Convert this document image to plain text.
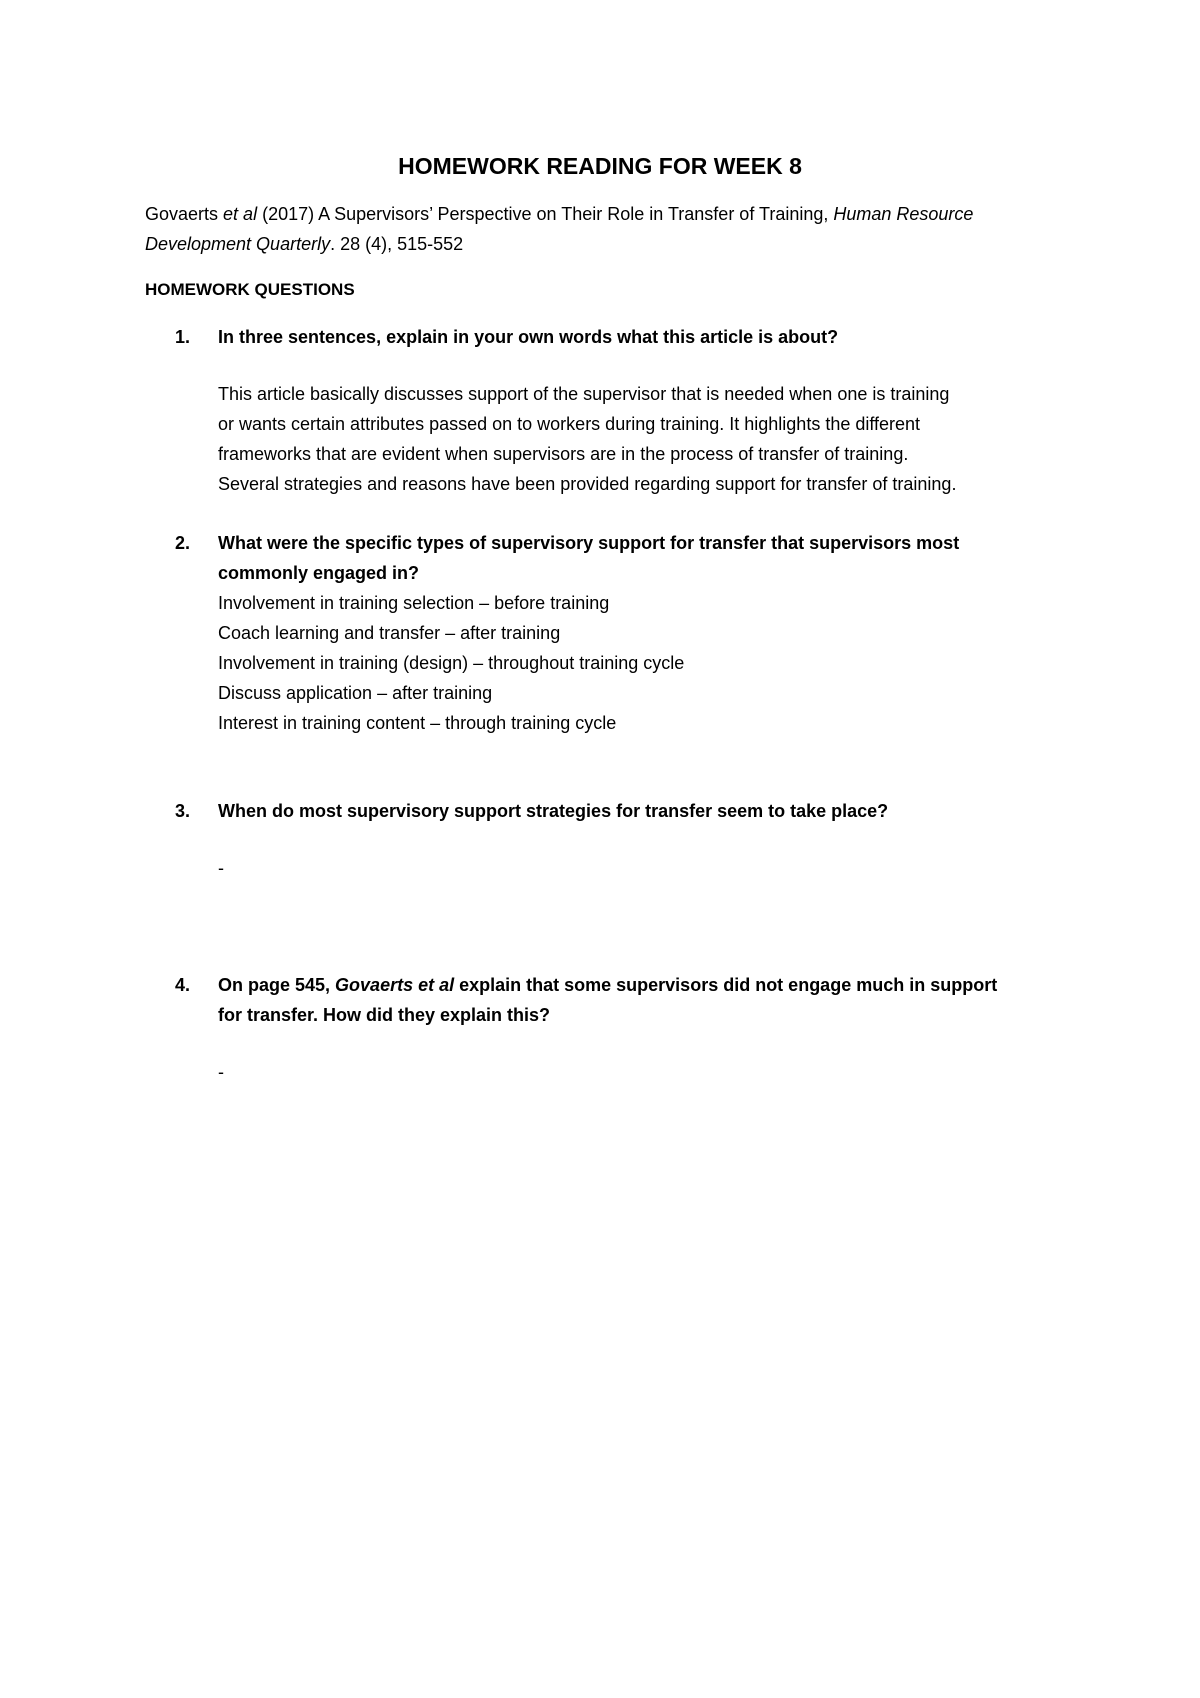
HOMEWORK READING FOR WEEK 8

Govaerts et al (2017) A Supervisors’ Perspective on Their Role in Transfer of Training, Human Resource Development Quarterly. 28 (4), 515-552

HOMEWORK QUESTIONS
1. In three sentences, explain in your own words what this article is about?

This article basically discusses support of the supervisor that is needed when one is training
or wants certain attributes passed on to workers during training. It highlights the different
frameworks that are evident when supervisors are in the process of transfer of training.
Several strategies and reasons have been provided regarding support for transfer of training.
2. What were the specific types of supervisory support for transfer that supervisors most
commonly engaged in?

Involvement in training selection – before training
Coach learning and transfer – after training
Involvement in training (design) – throughout training cycle
Discuss application – after training
Interest in training content – through training cycle
3. When do most supervisory support strategies for transfer seem to take place?

-
4. On page 545, Govaerts et al explain that some supervisors did not engage much in support
for transfer. How did they explain this?

-
